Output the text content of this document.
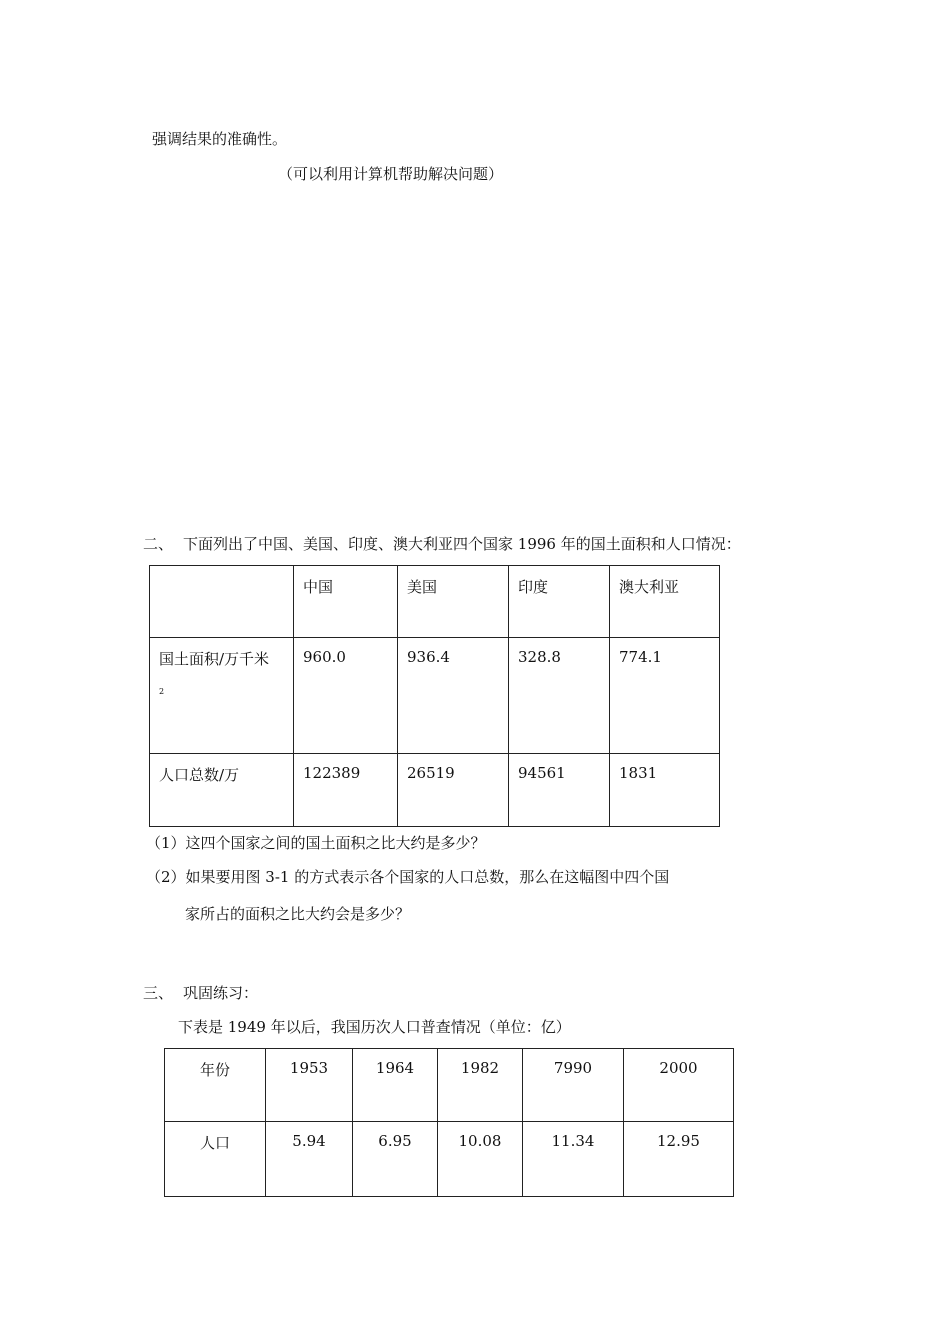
强调结果的准确性。
（可以利用计算机帮助解决问题）
二、 下面列出了中国、美国、印度、澳大利亚四个国家 1996 年的国土面积和人口情况：

	中国	美国	印度	澳大利亚

国土面积/万千米
2	960.0	936.4	328.8	774.1

人口总数/万	122389	26519	94561	1831
（1）这四个国家之间的国土面积之比大约是多少？
（2）如果要用图 3-1 的方式表示各个国家的人口总数，那么在这幅图中四个国
家所占的面积之比大约会是多少？
三、 巩固练习：
下表是 1949 年以后，我国历次人口普查情况（单位：亿）
年份	1953	1964	1982	7990	2000

人口	5.94	6.95	10.08	11.34	12.95
